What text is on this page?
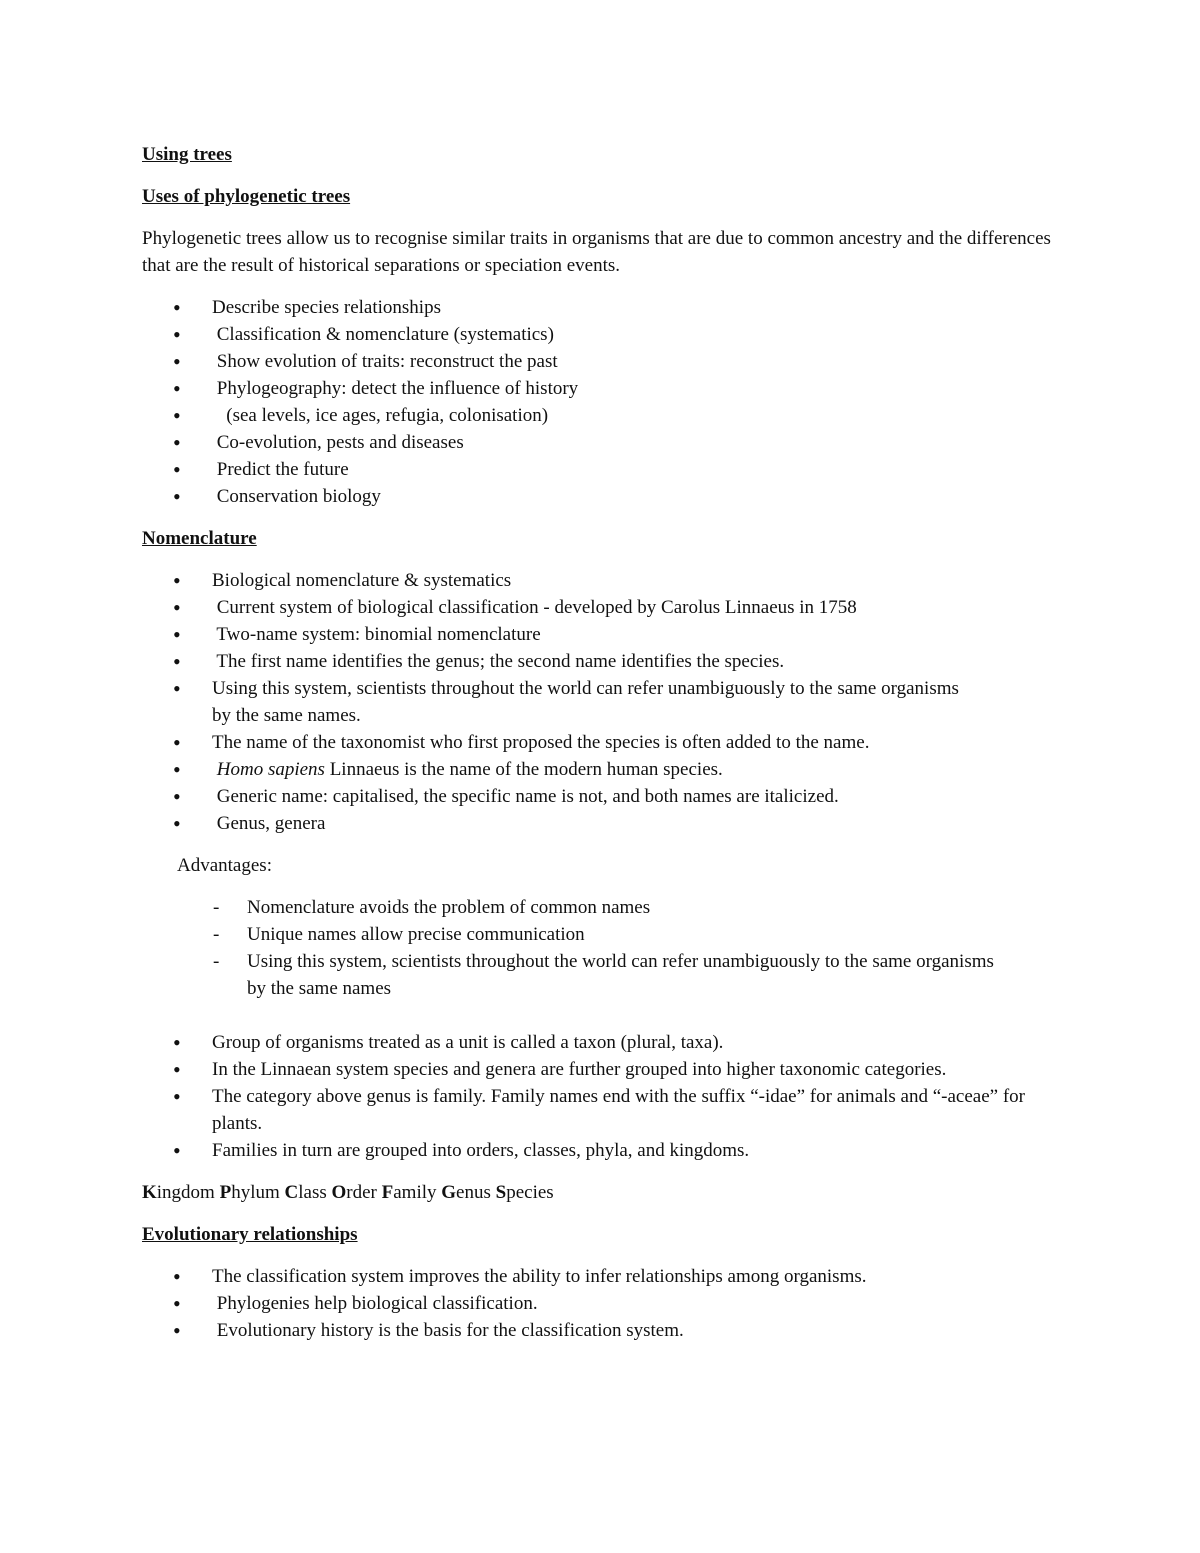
Using trees

Uses of phylogenetic trees

Phylogenetic trees allow us to recognise similar traits in organisms that are due to common ancestry and the differences that are the result of historical separations or speciation events.

• Describe species relationships
•  Classification & nomenclature (systematics)
•  Show evolution of traits: reconstruct the past
•  Phylogeography: detect the influence of history
•    (sea levels, ice ages, refugia, colonisation)
•  Co-evolution, pests and diseases
•  Predict the future
•  Conservation biology

Nomenclature

• Biological nomenclature & systematics
•  Current system of biological classification - developed by Carolus Linnaeus in 1758
•  Two-name system: binomial nomenclature
•  The first name identifies the genus; the second name identifies the species.
• Using this system, scientists throughout the world can refer unambiguously to the same organisms by the same names.
• The name of the taxonomist who first proposed the species is often added to the name.
• Homo sapiens Linnaeus is the name of the modern human species.
•  Generic name: capitalised, the specific name is not, and both names are italicized.
•  Genus, genera

Advantages:

- Nomenclature avoids the problem of common names
- Unique names allow precise communication
- Using this system, scientists throughout the world can refer unambiguously to the same organisms by the same names
• Group of organisms treated as a unit is called a taxon (plural, taxa).
• In the Linnaean system species and genera are further grouped into higher taxonomic categories.
• The category above genus is family. Family names end with the suffix “-idae” for animals and “-aceae” for plants.
• Families in turn are grouped into orders, classes, phyla, and kingdoms.

Kingdom Phylum Class Order Family Genus Species

Evolutionary relationships

• The classification system improves the ability to infer relationships among organisms.
•  Phylogenies help biological classification.
•  Evolutionary history is the basis for the classification system.
